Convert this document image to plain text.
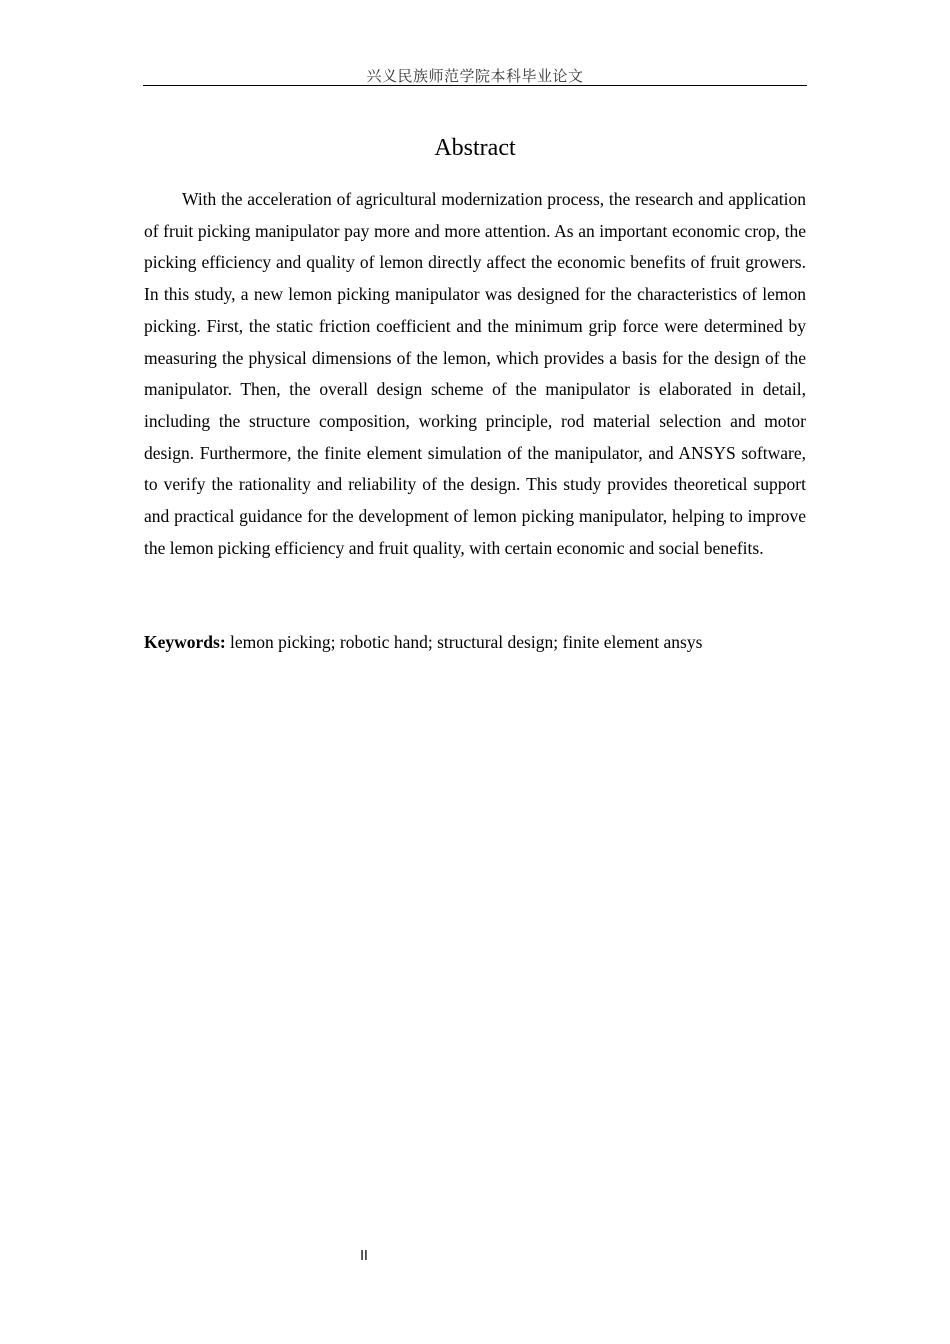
兴义民族师范学院本科毕业论文
Abstract

With the acceleration of agricultural modernization process, the research and application of fruit picking manipulator pay more and more attention. As an important economic crop, the picking efficiency and quality of lemon directly affect the economic benefits of fruit growers. In this study, a new lemon picking manipulator was designed for the characteristics of lemon picking. First, the static friction coefficient and the minimum grip force were determined by measuring the physical dimensions of the lemon, which provides a basis for the design of the manipulator. Then, the overall design scheme of the manipulator is elaborated in detail, including the structure composition, working principle, rod material selection and motor design. Furthermore, the finite element simulation of the manipulator, and ANSYS software, to verify the rationality and reliability of the design. This study provides theoretical support and practical guidance for the development of lemon picking manipulator, helping to improve the lemon picking efficiency and fruit quality, with certain economic and social benefits.

Keywords: lemon picking; robotic hand; structural design; finite element ansys

II
